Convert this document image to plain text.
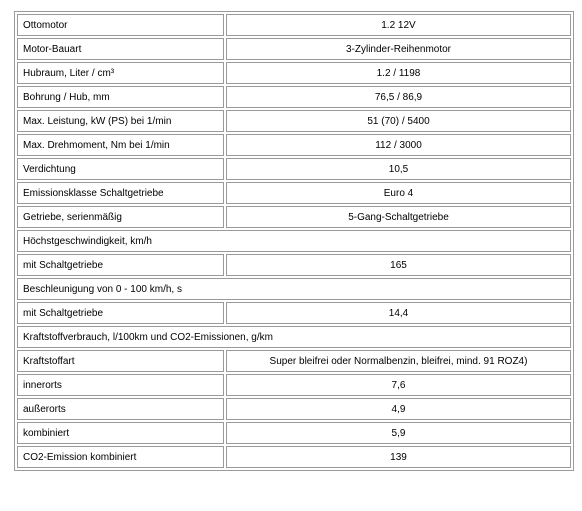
Ottomotor	1.2 12V
Motor-Bauart	3-Zylinder-Reihenmotor
Hubraum, Liter / cm³	1.2 / 1198
Bohrung / Hub, mm	76,5 / 86,9
Max. Leistung, kW (PS) bei 1/min	51 (70) / 5400
Max. Drehmoment, Nm bei 1/min	112 / 3000
Verdichtung	10,5
Emissionsklasse Schaltgetriebe	Euro 4
Getriebe, serienmäßig	5-Gang-Schaltgetriebe
Höchstgeschwindigkeit, km/h	
mit Schaltgetriebe	165
Beschleunigung von 0 - 100 km/h, s	
mit Schaltgetriebe	14,4
Kraftstoffverbrauch, l/100km und CO2-Emissionen, g/km	
Kraftstoffart	Super bleifrei oder Normalbenzin, bleifrei, mind. 91 ROZ4)
innerorts	7,6
außerorts	4,9
kombiniert	5,9
CO2-Emission kombiniert	139
